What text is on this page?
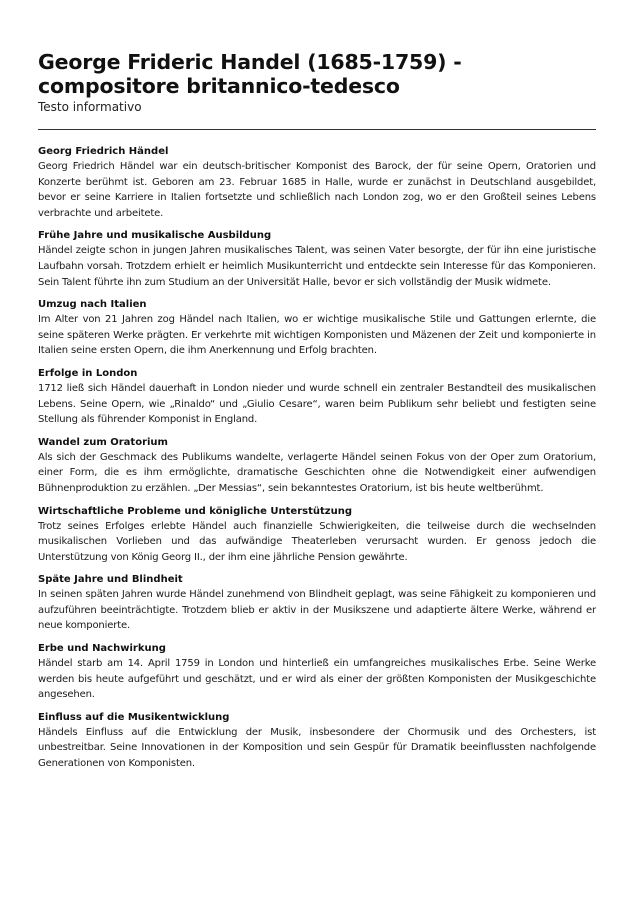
George Frideric Handel (1685-1759) - compositore britannico-tedesco
Testo informativo
Georg Friedrich Händel

Georg Friedrich Händel war ein deutsch-britischer Komponist des Barock, der für seine Opern, Oratorien und Konzerte berühmt ist. Geboren am 23. Februar 1685 in Halle, wurde er zunächst in Deutschland ausgebildet, bevor er seine Karriere in Italien fortsetzte und schließlich nach London zog, wo er den Großteil seines Lebens verbrachte und arbeitete.

Frühe Jahre und musikalische Ausbildung

Händel zeigte schon in jungen Jahren musikalisches Talent, was seinen Vater besorgte, der für ihn eine juristische Laufbahn vorsah. Trotzdem erhielt er heimlich Musikunterricht und entdeckte sein Interesse für das Komponieren. Sein Talent führte ihn zum Studium an der Universität Halle, bevor er sich vollständig der Musik widmete.

Umzug nach Italien

Im Alter von 21 Jahren zog Händel nach Italien, wo er wichtige musikalische Stile und Gattungen erlernte, die seine späteren Werke prägten. Er verkehrte mit wichtigen Komponisten und Mäzenen der Zeit und komponierte in Italien seine ersten Opern, die ihm Anerkennung und Erfolg brachten.

Erfolge in London

1712 ließ sich Händel dauerhaft in London nieder und wurde schnell ein zentraler Bestandteil des musikalischen Lebens. Seine Opern, wie „Rinaldo“ und „Giulio Cesare“, waren beim Publikum sehr beliebt und festigten seine Stellung als führender Komponist in England.

Wandel zum Oratorium

Als sich der Geschmack des Publikums wandelte, verlagerte Händel seinen Fokus von der Oper zum Oratorium, einer Form, die es ihm ermöglichte, dramatische Geschichten ohne die Notwendigkeit einer aufwendigen Bühnenproduktion zu erzählen. „Der Messias“, sein bekanntestes Oratorium, ist bis heute weltberühmt.

Wirtschaftliche Probleme und königliche Unterstützung

Trotz seines Erfolges erlebte Händel auch finanzielle Schwierigkeiten, die teilweise durch die wechselnden musikalischen Vorlieben und das aufwändige Theaterleben verursacht wurden. Er genoss jedoch die Unterstützung von König Georg II., der ihm eine jährliche Pension gewährte.

Späte Jahre und Blindheit

In seinen späten Jahren wurde Händel zunehmend von Blindheit geplagt, was seine Fähigkeit zu komponieren und aufzuführen beeinträchtigte. Trotzdem blieb er aktiv in der Musikszene und adaptierte ältere Werke, während er neue komponierte.

Erbe und Nachwirkung

Händel starb am 14. April 1759 in London und hinterließ ein umfangreiches musikalisches Erbe. Seine Werke werden bis heute aufgeführt und geschätzt, und er wird als einer der größten Komponisten der Musikgeschichte angesehen.

Einfluss auf die Musikentwicklung

Händels Einfluss auf die Entwicklung der Musik, insbesondere der Chormusik und des Orchesters, ist unbestreitbar. Seine Innovationen in der Komposition und sein Gespür für Dramatik beeinflussten nachfolgende Generationen von Komponisten.
